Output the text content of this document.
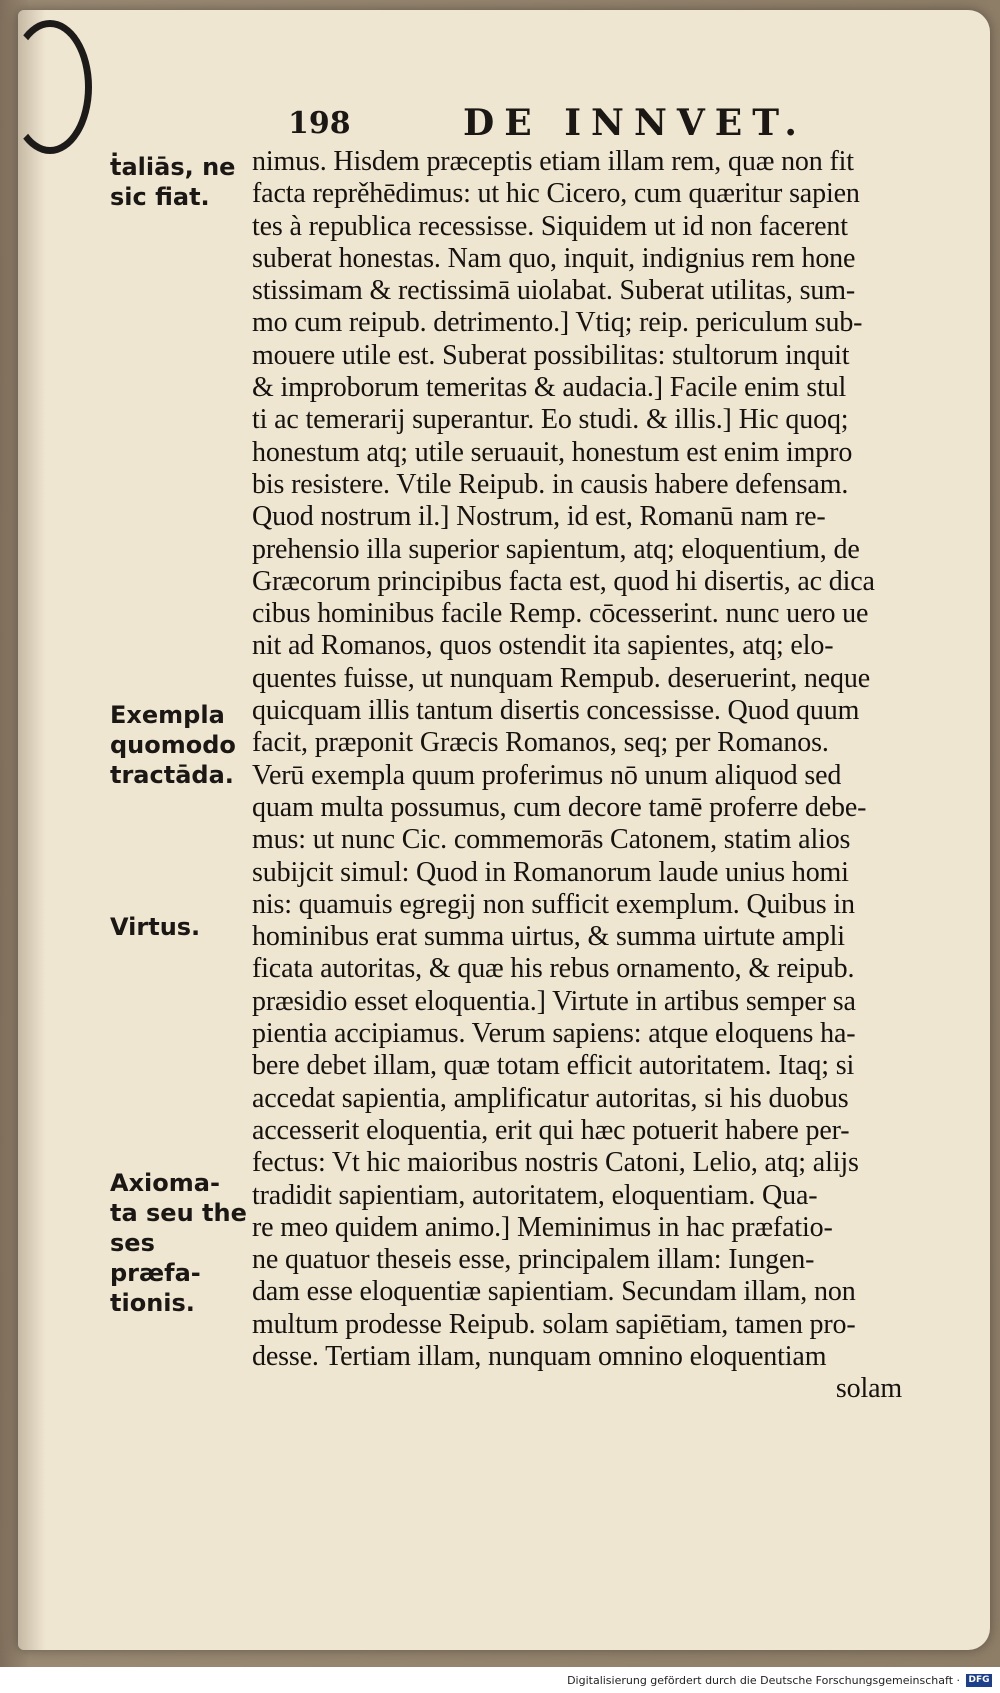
198	DE INNVET.
ṫaliās, ne
sic fiat.
Exempla
quomodo
tractāda.
Virtus.
Axioma-
ta seu the
ses præfa-
tionis.
nimus. Hisdem præceptis etiam illam rem, quæ non fit
facta reprěhēdimus: ut hic Cicero, cum quæritur sapien
tes à republica recessisse. Siquidem ut id non facerent
suberat honestas. Nam quo, inquit, indignius rem hone
stissimam & rectissimā uiolabat. Suberat utilitas, sum-
mo cum reipub. detrimento.] Vtiq; reip. periculum sub-
mouere utile est. Suberat possibilitas: stultorum inquit
& improborum temeritas & audacia.] Facile enim stul
ti ac temerarij superantur. Eo studi. & illis.] Hic quoq;
honestum atq; utile seruauit, honestum est enim impro
bis resistere. Vtile Reipub. in causis habere defensam.
Quod nostrum il.] Nostrum, id est, Romanū nam re-
prehensio illa superior sapientum, atq; eloquentium, de
Græcorum principibus facta est, quod hi disertis, ac dica
cibus hominibus facile Remp. cōcesserint. nunc uero ue
nit ad Romanos, quos ostendit ita sapientes, atq; elo-
quentes fuisse, ut nunquam Rempub. deseruerint, neque
quicquam illis tantum disertis concessisse. Quod quum
facit, præponit Græcis Romanos, seq; per Romanos.
Verū exempla quum proferimus nō unum aliquod sed
quam multa possumus, cum decore tamē proferre debe-
mus: ut nunc Cic. commemorās Catonem, statim alios
subijcit simul: Quod in Romanorum laude unius homi
nis: quamuis egregij non sufficit exemplum. Quibus in
hominibus erat summa uirtus, & summa uirtute ampli
ficata autoritas, & quæ his rebus ornamento, & reipub.
præsidio esset eloquentia.] Virtute in artibus semper sa
pientia accipiamus. Verum sapiens: atque eloquens ha-
bere debet illam, quæ totam efficit autoritatem. Itaq; si
accedat sapientia, amplificatur autoritas, si his duobus
accesserit eloquentia, erit qui hæc potuerit habere per-
fectus: Vt hic maioribus nostris Catoni, Lelio, atq; alijs
tradidit sapientiam, autoritatem, eloquentiam. Qua-
re meo quidem animo.] Meminimus in hac præfatio-
ne quatuor theseis esse, principalem illam: Iungen-
dam esse eloquentiæ sapientiam. Secundam illam, non
multum prodesse Reipub. solam sapiētiam, tamen pro-
desse. Tertiam illam, nunquam omnino eloquentiam
solam
Digitalisierung gefördert durch die Deutsche Forschungsgemeinschaft · DFG
